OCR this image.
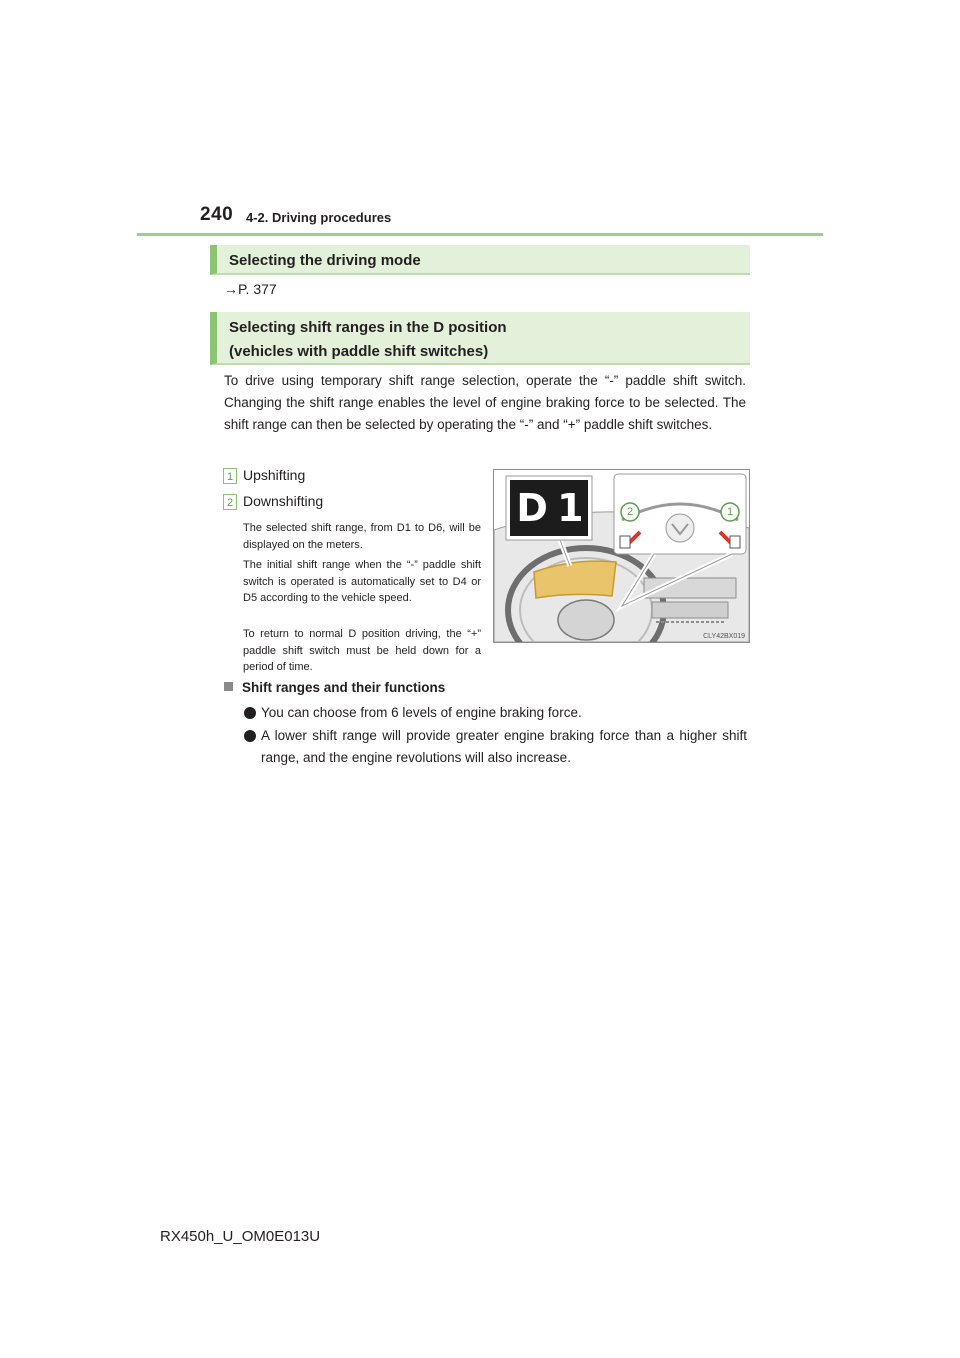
240 4-2. Driving procedures
Selecting the driving mode
→P. 377
Selecting shift ranges in the D position
(vehicles with paddle shift switches)

To drive using temporary shift range selection, operate the “-” paddle shift switch. Changing the shift range enables the level of engine braking force to be selected. The shift range can then be selected by operating the “-” and “+” paddle shift switches.

1 Upshifting
2 Downshifting

The selected shift range, from D1 to D6, will be displayed on the meters.

The initial shift range when the “-” paddle shift switch is operated is automatically set to D4 or D5 according to the vehicle speed.

To return to normal D position driving, the “+” paddle shift switch must be held down for a period of time.

D 1	2	1
CLY42BX019
Shift ranges and their functions

You can choose from 6 levels of engine braking force.

A lower shift range will provide greater engine braking force than a higher shift range, and the engine revolutions will also increase.

RX450h_U_OM0E013U
